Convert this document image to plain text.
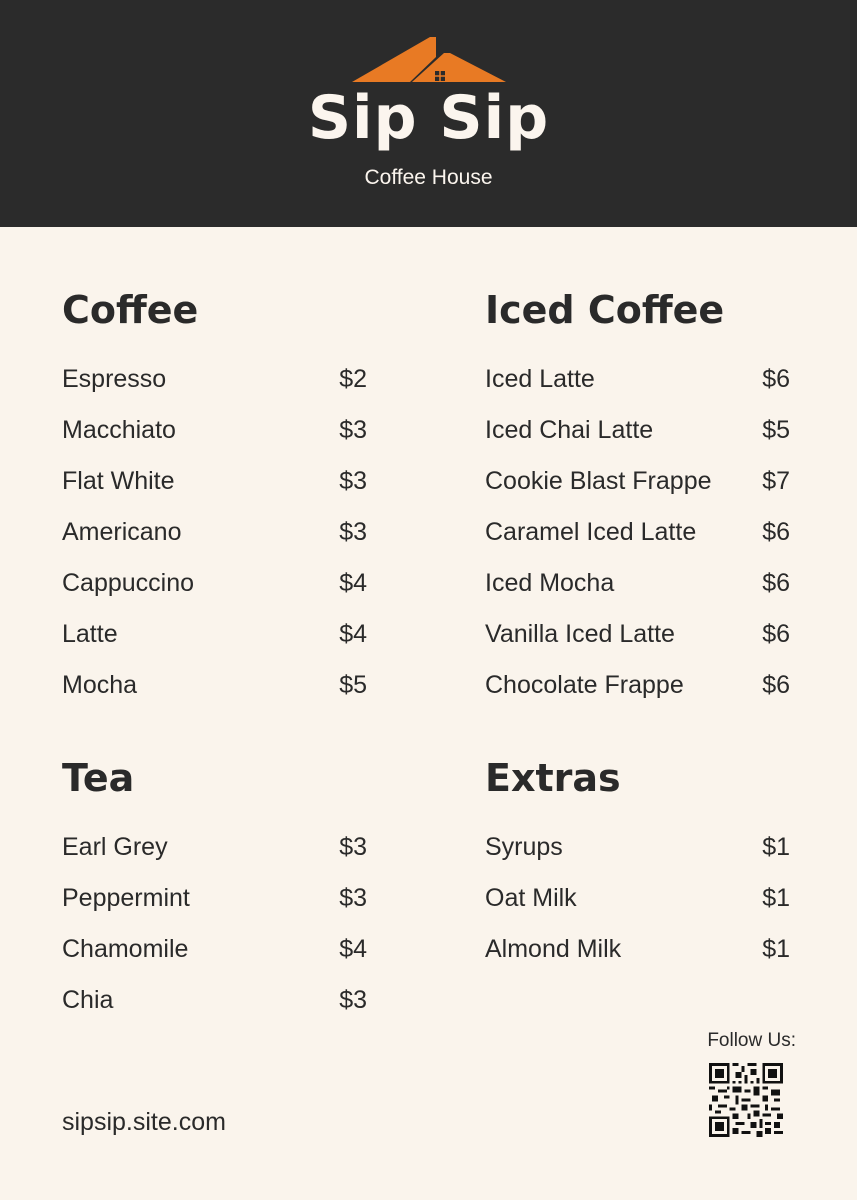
Sip Sip
Coffee House
Coffee
Espresso	$2
Macchiato	$3
Flat White	$3
Americano	$3
Cappuccino	$4
Latte	$4
Mocha	$5
Iced Coffee
Iced Latte	$6
Iced Chai Latte	$5
Cookie Blast Frappe $7
Caramel Iced Latte	$6
Iced Mocha	$6
Vanilla Iced Latte	$6
Chocolate Frappe	$6
Tea
Earl Grey	$3
Peppermint	$3
Chamomile	$4
Chia	$3
Extras
Syrups	$1
Oat Milk	$1
Almond Milk	$1
sipsip.site.com
Follow Us:
